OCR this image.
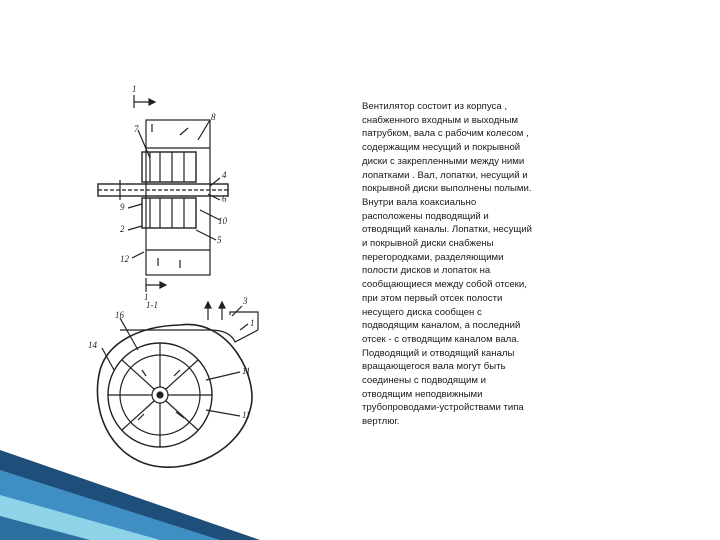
1
7
8
4
6
9
10
2
5
12
1
1-1	3
1
16
14
11
11
Вентилятор состоит из корпуса ,
снабженного входным и выходным
патрубком, вала с рабочим колесом ,
содержащим несущий и покрывной
диски с закрепленными между ними
лопатками . Вал, лопатки, несущий и
покрывной диски выполнены полыми.
Внутри вала коаксиально
расположены подводящий и
отводящий каналы. Лопатки, несущий
и покрывной диски снабжены
перегородками, разделяющими
полости дисков и лопаток на
сообщающиеся между собой отсеки,
при этом первый отсек полости
несущего диска сообщен с
подводящим каналом, а последний
отсек - с отводящим каналом вала.
Подводящий и отводящий каналы
вращающегося вала могут быть
соединены с подводящим и
отводящим неподвижными
трубопроводами-устройствами типа
вертлюг.
